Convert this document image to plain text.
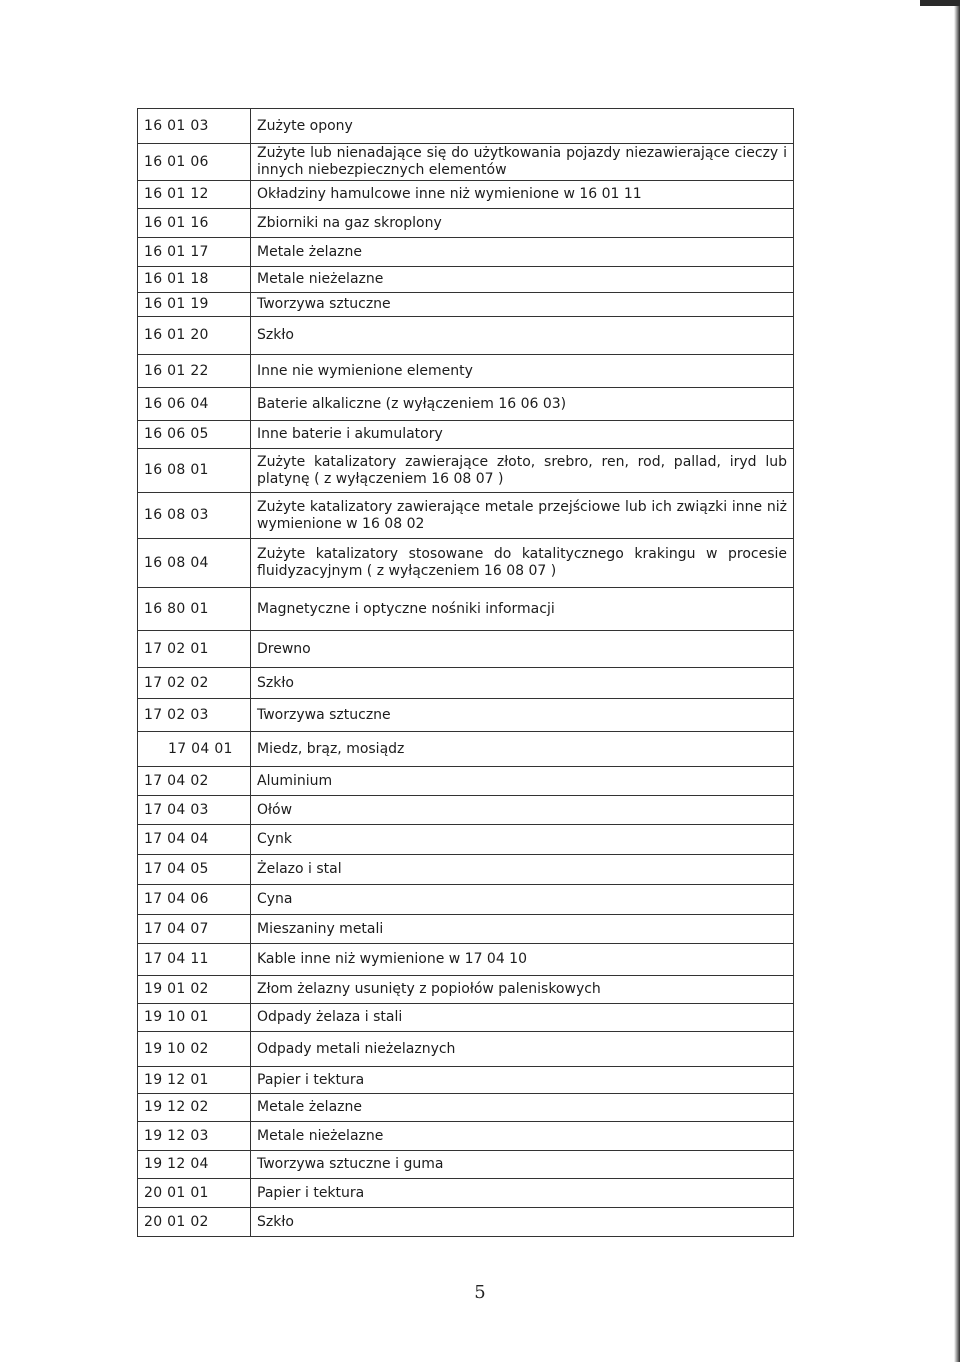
16 01 03	Zużyte opony
16 01 06	Zużyte lub nienadające się do użytkowania pojazdy niezawierające cieczy i innych niebezpiecznych elementów
16 01 12	Okładziny hamulcowe inne niż wymienione w 16 01 11
16 01 16	Zbiorniki na gaz skroplony
16 01 17	Metale żelazne
16 01 18	Metale nieżelazne
16 01 19	Tworzywa sztuczne
16 01 20	Szkło
16 01 22	Inne nie wymienione elementy
16 06 04	Baterie alkaliczne (z wyłączeniem 16 06 03)
16 06 05	Inne baterie i akumulatory
16 08 01	Zużyte katalizatory zawierające złoto, srebro, ren, rod, pallad, iryd lub platynę ( z wyłączeniem 16 08 07 )
16 08 03	Zużyte katalizatory zawierające metale przejściowe lub ich związki inne niż wymienione w 16 08 02
16 08 04	Zużyte katalizatory stosowane do katalitycznego krakingu w procesie fluidyzacyjnym ( z wyłączeniem 16 08 07 )
16 80 01	Magnetyczne i optyczne nośniki informacji
17 02 01	Drewno
17 02 02	Szkło
17 02 03	Tworzywa sztuczne
17 04 01	Miedz, brąz, mosiądz
17 04 02	Aluminium
17 04 03	Ołów
17 04 04	Cynk
17 04 05	Żelazo i stal
17 04 06	Cyna
17 04 07	Mieszaniny metali
17 04 11	Kable inne niż wymienione w 17 04 10
19 01 02	Złom żelazny usunięty z popiołów paleniskowych
19 10 01	Odpady żelaza i stali
19 10 02	Odpady metali nieżelaznych
19 12 01	Papier i tektura
19 12 02	Metale żelazne
19 12 03	Metale nieżelazne
19 12 04	Tworzywa sztuczne i guma
20 01 01	Papier i tektura
20 01 02	Szkło
5
